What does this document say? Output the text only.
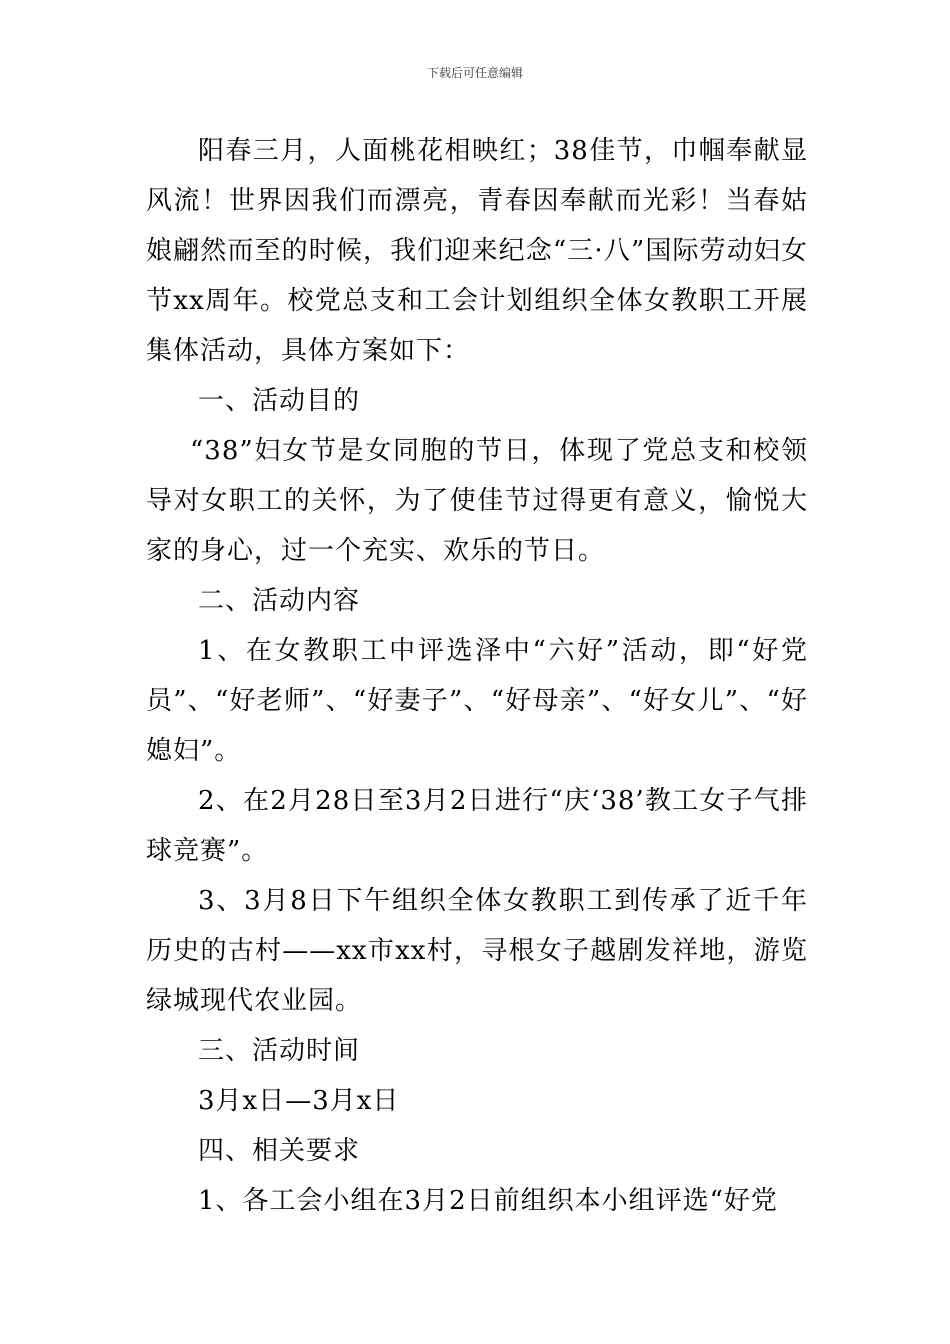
下载后可任意编辑

阳春三月，人面桃花相映红；38佳节，巾帼奉献显风流！世界因我们而漂亮，青春因奉献而光彩！当春姑娘翩然而至的时候，我们迎来纪念“三·八”国际劳动妇女节xx周年。校党总支和工会计划组织全体女教职工开展集体活动，具体方案如下：

一、活动目的

“38”妇女节是女同胞的节日，体现了党总支和校领导对女职工的关怀，为了使佳节过得更有意义，愉悦大家的身心，过一个充实、欢乐的节日。

二、活动内容

1、在女教职工中评选泽中“六好”活动，即“好党员”、“好老师”、“好妻子”、“好母亲”、“好女儿”、“好媳妇”。

2、在2月28日至3月2日进行“庆‘38’教工女子气排球竞赛”。

3、3月8日下午组织全体女教职工到传承了近千年历史的古村——xx市xx村，寻根女子越剧发祥地，游览绿城现代农业园。

三、活动时间

3月x日—3月x日

四、相关要求

1、各工会小组在3月2日前组织本小组评选“好党
